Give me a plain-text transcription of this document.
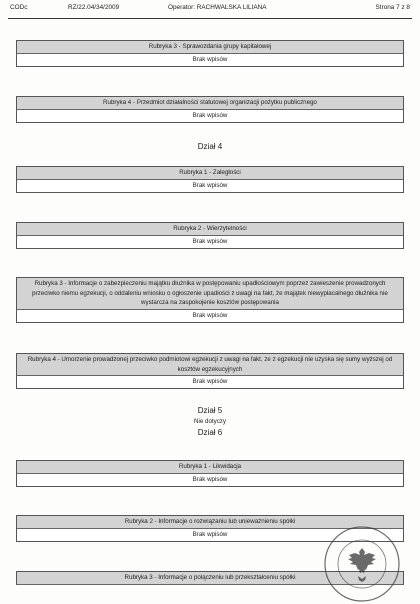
CODc	RZ/22.04/34/2009	Operator: RACHWALSKA LILIANA	Strona 7 z 8
Rubryka 3 - Sprawozdania grupy kapitałowej
Brak wpisów
Rubryka 4 - Przedmiot działalności statutowej organizacji pożytku publicznego
Brak wpisów
Dział 4
Rubryka 1 - Zaległości
Brak wpisów
Rubryka 2 - Wierzytelności
Brak wpisów
Rubryka 3 - Informacje o zabezpieczeniu majątku dłużnika w postępowaniu upadłościowym poprzez zawieszenie prowadzonych przeciwko niemu egzekucji, o oddaleniu wniosku o ogłoszenie upadłości z uwagi na fakt, że majątek niewypłacalnego dłużnika nie wystarcza na zaspokojenie kosztów postępowania
Brak wpisów
Rubryka 4 - Umorzenie prowadzonej przeciwko podmiotowi egzekucji z uwagi na fakt, że z egzekucji nie uzyska się sumy wyższej od kosztów egzekucyjnych
Brak wpisów
Dział 5
Nie dotyczy
Dział 6
Rubryka 1 - Likwidacja
Brak wpisów
Rubryka 2 - Informacje o rozwiązaniu lub unieważnieniu spółki
Brak wpisów
Rubryka 3 - Informacje o połączeniu lub przekształceniu spółki
